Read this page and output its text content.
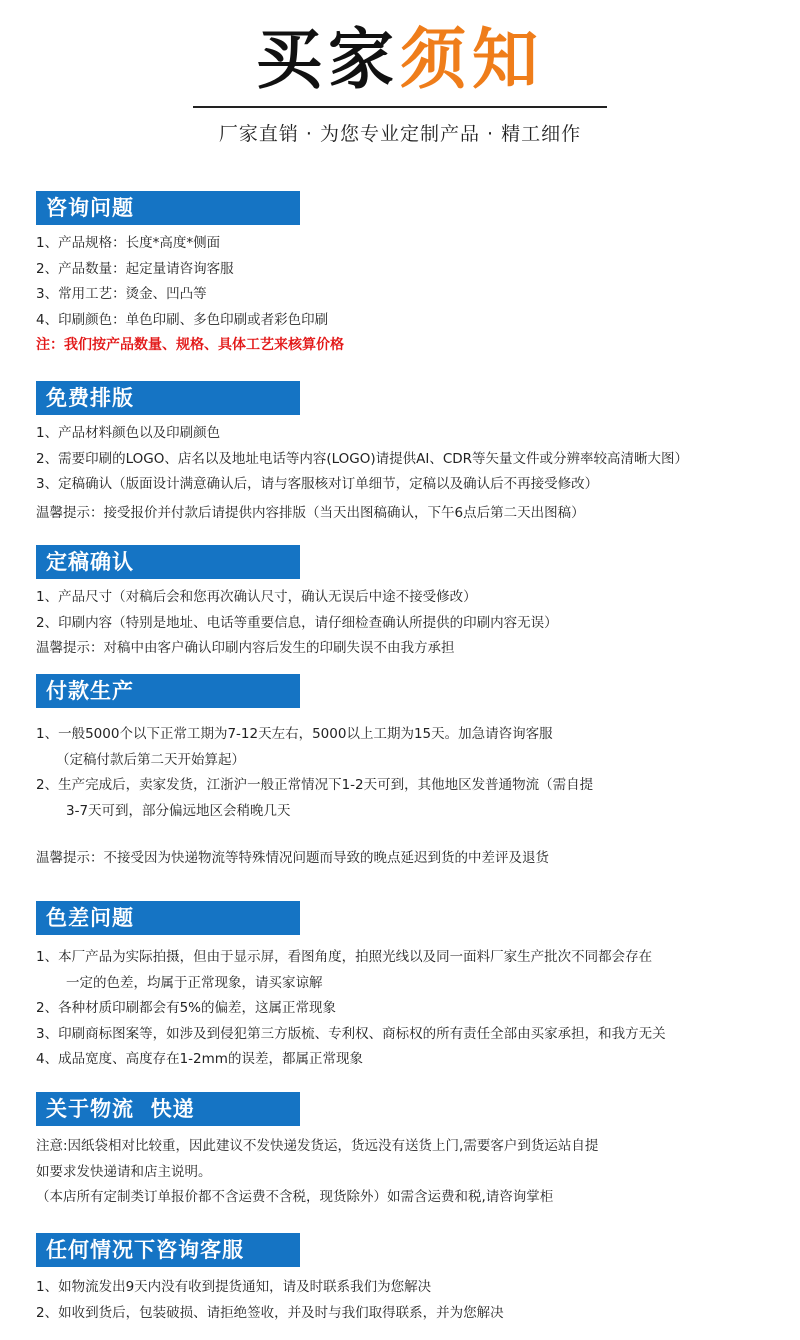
买家须知
厂家直销 · 为您专业定制产品 · 精工细作
咨询问题
1、产品规格：长度*高度*侧面
2、产品数量：起定量请咨询客服
3、常用工艺：烫金、凹凸等
4、印刷颜色：单色印刷、多色印刷或者彩色印刷
注：我们按产品数量、规格、具体工艺来核算价格
免费排版
1、产品材料颜色以及印刷颜色
2、需要印刷的LOGO、店名以及地址电话等内容(LOGO)请提供AI、CDR等矢量文件或分辨率较高清晰大图）
3、定稿确认（版面设计满意确认后，请与客服核对订单细节，定稿以及确认后不再接受修改）
温馨提示：接受报价并付款后请提供内容排版（当天出图稿确认，下午6点后第二天出图稿）
定稿确认
1、产品尺寸（对稿后会和您再次确认尺寸，确认无误后中途不接受修改）
2、印刷内容（特别是地址、电话等重要信息，请仔细检查确认所提供的印刷内容无误）
温馨提示：对稿中由客户确认印刷内容后发生的印刷失误不由我方承担
付款生产
1、一般5000个以下正常工期为7-12天左右，5000以上工期为15天。加急请咨询客服
（定稿付款后第二天开始算起）
2、生产完成后，卖家发货，江浙沪一般正常情况下1-2天可到，其他地区发普通物流（需自提
3-7天可到，部分偏远地区会稍晚几天
温馨提示：不接受因为快递物流等特殊情况问题而导致的晚点延迟到货的中差评及退货
色差问题
1、本厂产品为实际拍摄，但由于显示屏，看图角度，拍照光线以及同一面料厂家生产批次不同都会存在
一定的色差，均属于正常现象，请买家谅解
2、各种材质印刷都会有5%的偏差，这属正常现象
3、印刷商标图案等，如涉及到侵犯第三方版梳、专利权、商标权的所有责任全部由买家承担，和我方无关
4、成品宽度、高度存在1-2mm的误差，都属正常现象
关于物流  快递
注意:因纸袋相对比较重，因此建议不发快递发货运，货远没有送货上门,需要客户到货运站自提
如要求发快递请和店主说明。
（本店所有定制类订单报价都不含运费不含税，现货除外）如需含运费和税,请咨询掌柜
任何情况下咨询客服
1、如物流发出9天内没有收到提货通知，请及时联系我们为您解决
2、如收到货后，包装破损、请拒绝签收，并及时与我们取得联系，并为您解决
